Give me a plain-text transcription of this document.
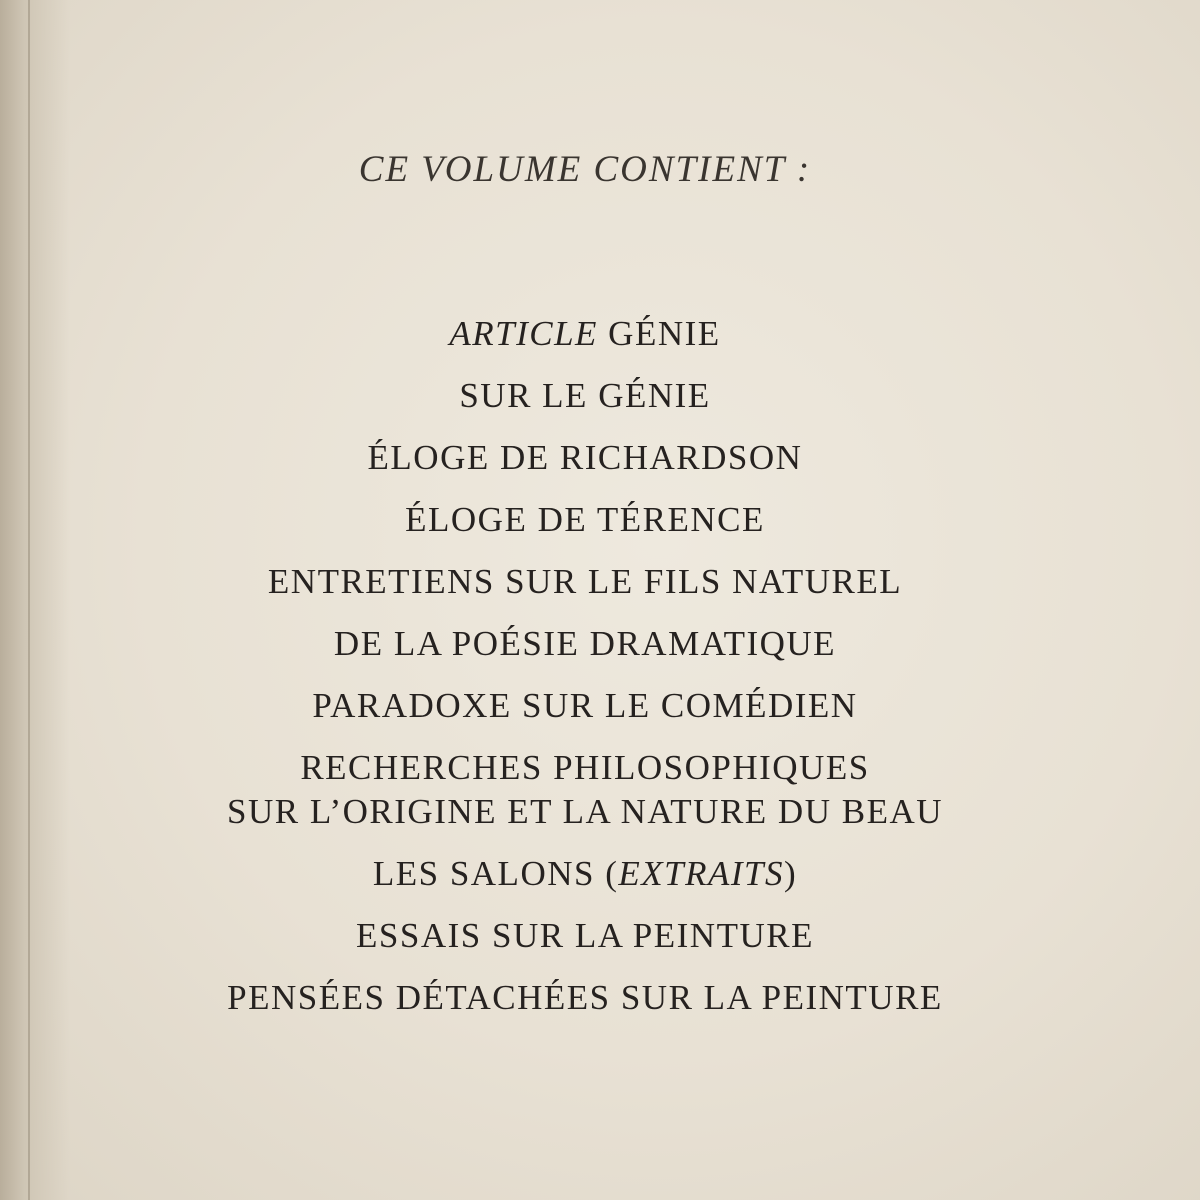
CE VOLUME CONTIENT :
ARTICLE GÉNIE
SUR LE GÉNIE
ÉLOGE DE RICHARDSON
ÉLOGE DE TÉRENCE
ENTRETIENS SUR LE FILS NATUREL
DE LA POÉSIE DRAMATIQUE
PARADOXE SUR LE COMÉDIEN
RECHERCHES PHILOSOPHIQUES
SUR L’ORIGINE ET LA NATURE DU BEAU
LES SALONS (EXTRAITS)
ESSAIS SUR LA PEINTURE
PENSÉES DÉTACHÉES SUR LA PEINTURE
